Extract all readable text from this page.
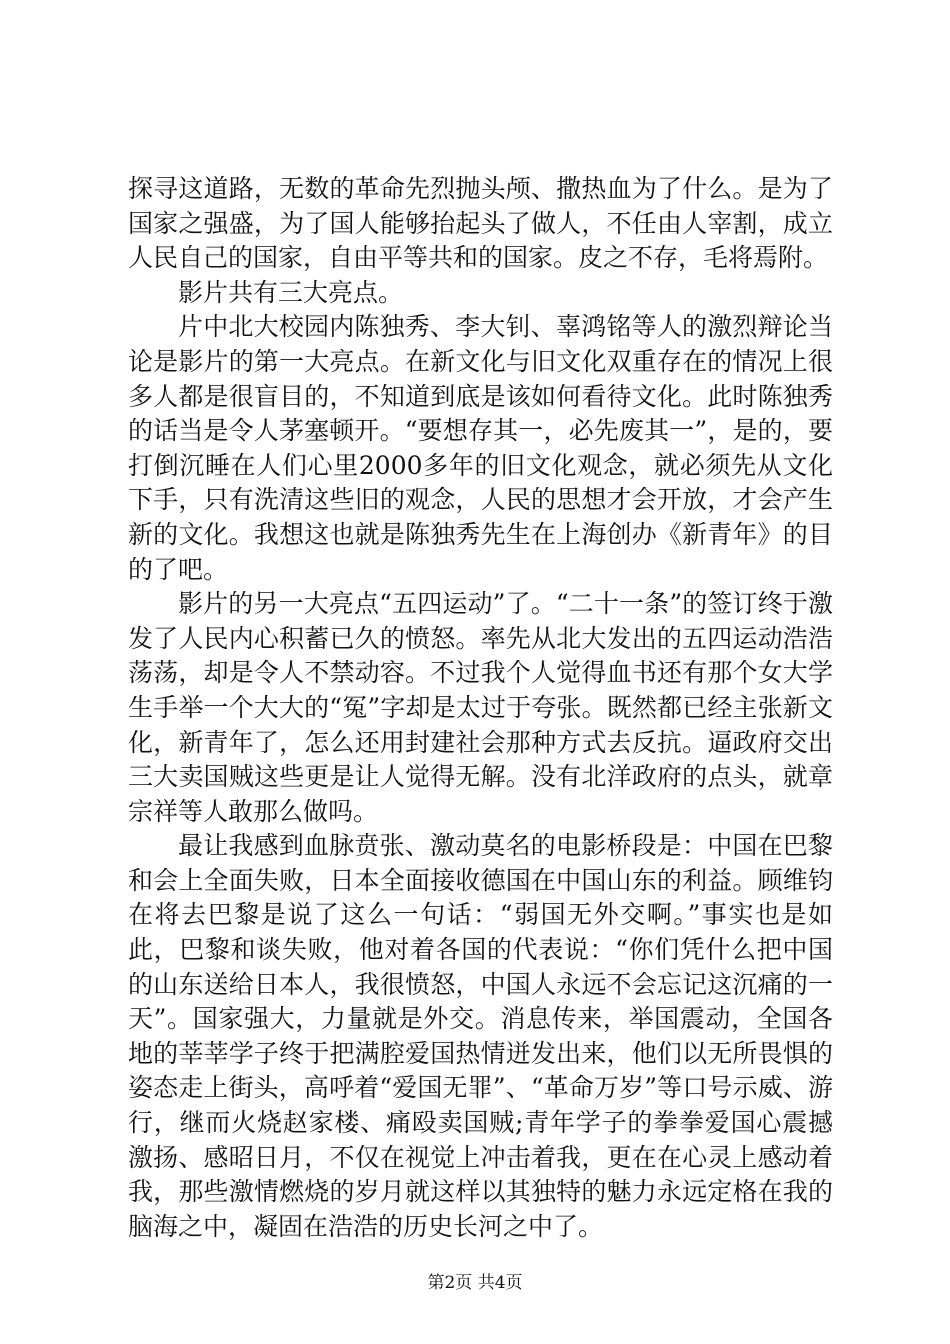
探寻这道路，无数的革命先烈抛头颅、撒热血为了什么。是为了国家之强盛，为了国人能够抬起头了做人，不任由人宰割，成立人民自己的国家，自由平等共和的国家。皮之不存，毛将焉附。

影片共有三大亮点。

片中北大校园内陈独秀、李大钊、辜鸿铭等人的激烈辩论当论是影片的第一大亮点。在新文化与旧文化双重存在的情况上很多人都是很盲目的，不知道到底是该如何看待文化。此时陈独秀的话当是令人茅塞顿开。“要想存其一，必先废其一”，是的，要打倒沉睡在人们心里2000多年的旧文化观念，就必须先从文化下手，只有洗清这些旧的观念，人民的思想才会开放，才会产生新的文化。我想这也就是陈独秀先生在上海创办《新青年》的目的了吧。

影片的另一大亮点“五四运动”了。“二十一条”的签订终于激发了人民内心积蓄已久的愤怒。率先从北大发出的五四运动浩浩荡荡，却是令人不禁动容。不过我个人觉得血书还有那个女大学生手举一个大大的“冤”字却是太过于夸张。既然都已经主张新文化，新青年了，怎么还用封建社会那种方式去反抗。逼政府交出三大卖国贼这些更是让人觉得无解。没有北洋政府的点头，就章宗祥等人敢那么做吗。

最让我感到血脉贲张、激动莫名的电影桥段是：中国在巴黎和会上全面失败，日本全面接收德国在中国山东的利益。顾维钧在将去巴黎是说了这么一句话：“弱国无外交啊。”事实也是如此，巴黎和谈失败，他对着各国的代表说：“你们凭什么把中国的山东送给日本人，我很愤怒，中国人永远不会忘记这沉痛的一天”。国家强大，力量就是外交。消息传来，举国震动，全国各地的莘莘学子终于把满腔爱国热情迸发出来，他们以无所畏惧的姿态走上街头，高呼着“爱国无罪”、“革命万岁”等口号示威、游行，继而火烧赵家楼、痛殴卖国贼;青年学子的拳拳爱国心震撼激扬、感昭日月，不仅在视觉上冲击着我，更在在心灵上感动着我，那些激情燃烧的岁月就这样以其独特的魅力永远定格在我的脑海之中，凝固在浩浩的历史长河之中了。

第2页 共4页
